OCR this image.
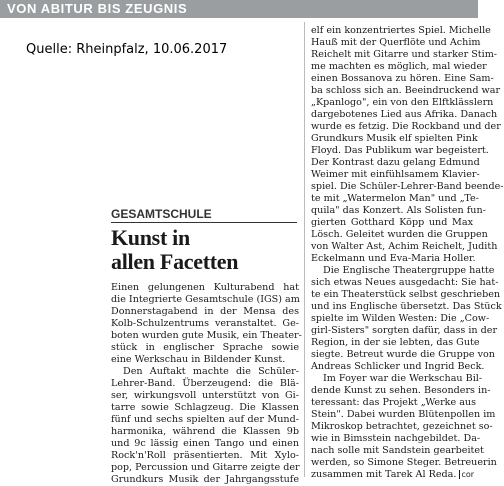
VON ABITUR BIS ZEUGNIS
Quelle: Rheinpfalz, 10.06.2017
GESAMTSCHULE
Kunst in
allen Facetten
Einen gelungenen Kulturabend hat
die Integrierte Gesamtschule (IGS) am
Donnerstagabend in der Mensa des
Kolb-Schulzentrums veranstaltet. Ge-
boten wurden gute Musik, ein Theater-
stück in englischer Sprache sowie
eine Werkschau in Bildender Kunst.
Den Auftakt machte die Schüler-
Lehrer-Band. Überzeugend: die Blä-
ser, wirkungsvoll unterstützt von Gi-
tarre sowie Schlagzeug. Die Klassen
fünf und sechs spielten auf der Mund-
harmonika, während die Klassen 9b
und 9c lässig einen Tango und einen
Rock'n'Roll präsentierten. Mit Xylo-
pop, Percussion und Gitarre zeigte der
Grundkurs Musik der Jahrgangsstufe
elf ein konzentriertes Spiel. Michelle
Hauß mit der Querflöte und Achim
Reichelt mit Gitarre und starker Stim-
me machten es möglich, mal wieder
einen Bossanova zu hören. Eine Sam-
ba schloss sich an. Beeindruckend war
„Kpanlogo", ein von den Elftklässlern
dargebotenes Lied aus Afrika. Danach
wurde es fetzig. Die Rockband und der
Grundkurs Musik elf spielten Pink
Floyd. Das Publikum war begeistert.
Der Kontrast dazu gelang Edmund
Weimer mit einfühlsamem Klavier-
spiel. Die Schüler-Lehrer-Band beende-
te mit „Watermelon Man" und „Te-
quila" das Konzert. Als Solisten fun-
gierten Gotthard Köpp und Max
Lösch. Geleitet wurden die Gruppen
von Walter Ast, Achim Reichelt, Judith
Eckelmann und Eva-Maria Holler.
Die Englische Theatergruppe hatte
sich etwas Neues ausgedacht: Sie hat-
te ein Theaterstück selbst geschrieben
und ins Englische übersetzt. Das Stück
spielte im Wilden Westen: Die „Cow-
girl-Sisters" sorgten dafür, dass in der
Region, in der sie lebten, das Gute
siegte. Betreut wurde die Gruppe von
Andreas Schlicker und Ingrid Beck.
Im Foyer war die Werkschau Bil-
dende Kunst zu sehen. Besonders in-
teressant: das Projekt „Werke aus
Stein". Dabei wurden Blütenpollen im
Mikroskop betrachtet, gezeichnet so-
wie in Bimsstein nachgebildet. Da-
nach solle mit Sandstein gearbeitet
werden, so Simone Steger. Betreuerin
zusammen mit Tarek Al Reda. cor
